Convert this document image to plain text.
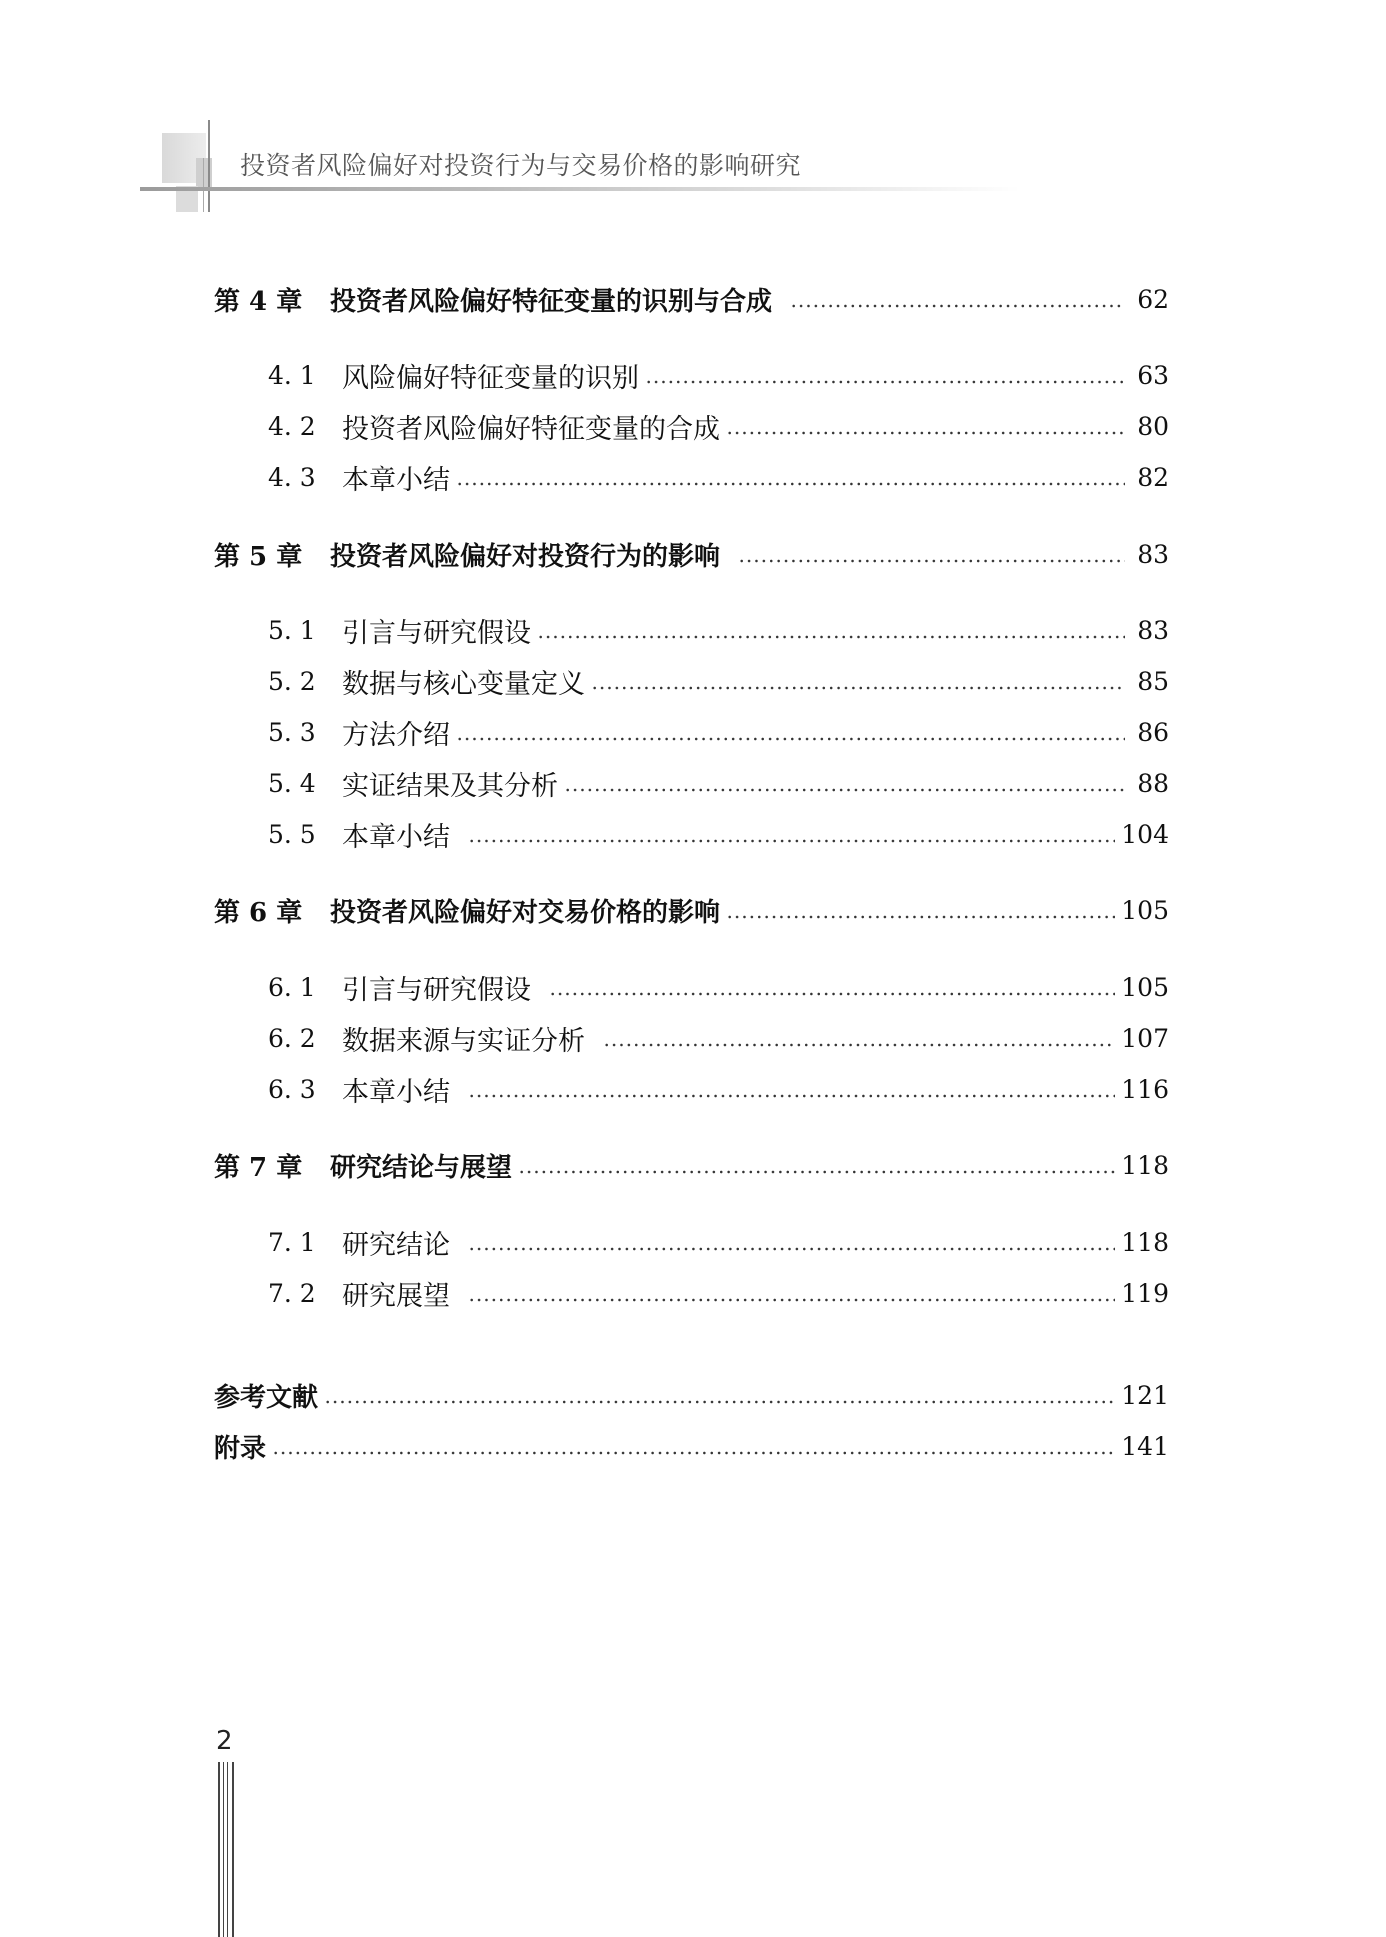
投资者风险偏好对投资行为与交易价格的影响研究
第 4 章	投资者风险偏好特征变量的识别与合成	62
4. 1 风险偏好特征变量的识别	63
4. 2 投资者风险偏好特征变量的合成	80
4. 3 本章小结	82
第 5 章	投资者风险偏好对投资行为的影响	83
5. 1 引言与研究假设	83
5. 2 数据与核心变量定义	85
5. 3 方法介绍	86
5. 4 实证结果及其分析	88
5. 5 本章小结	104
第 6 章	投资者风险偏好对交易价格的影响	105
6. 1 引言与研究假设	105
6. 2 数据来源与实证分析	107
6. 3 本章小结	116
第 7 章	研究结论与展望	118
7. 1 研究结论	118
7. 2 研究展望	119
参考文献	121
附录	141
2
